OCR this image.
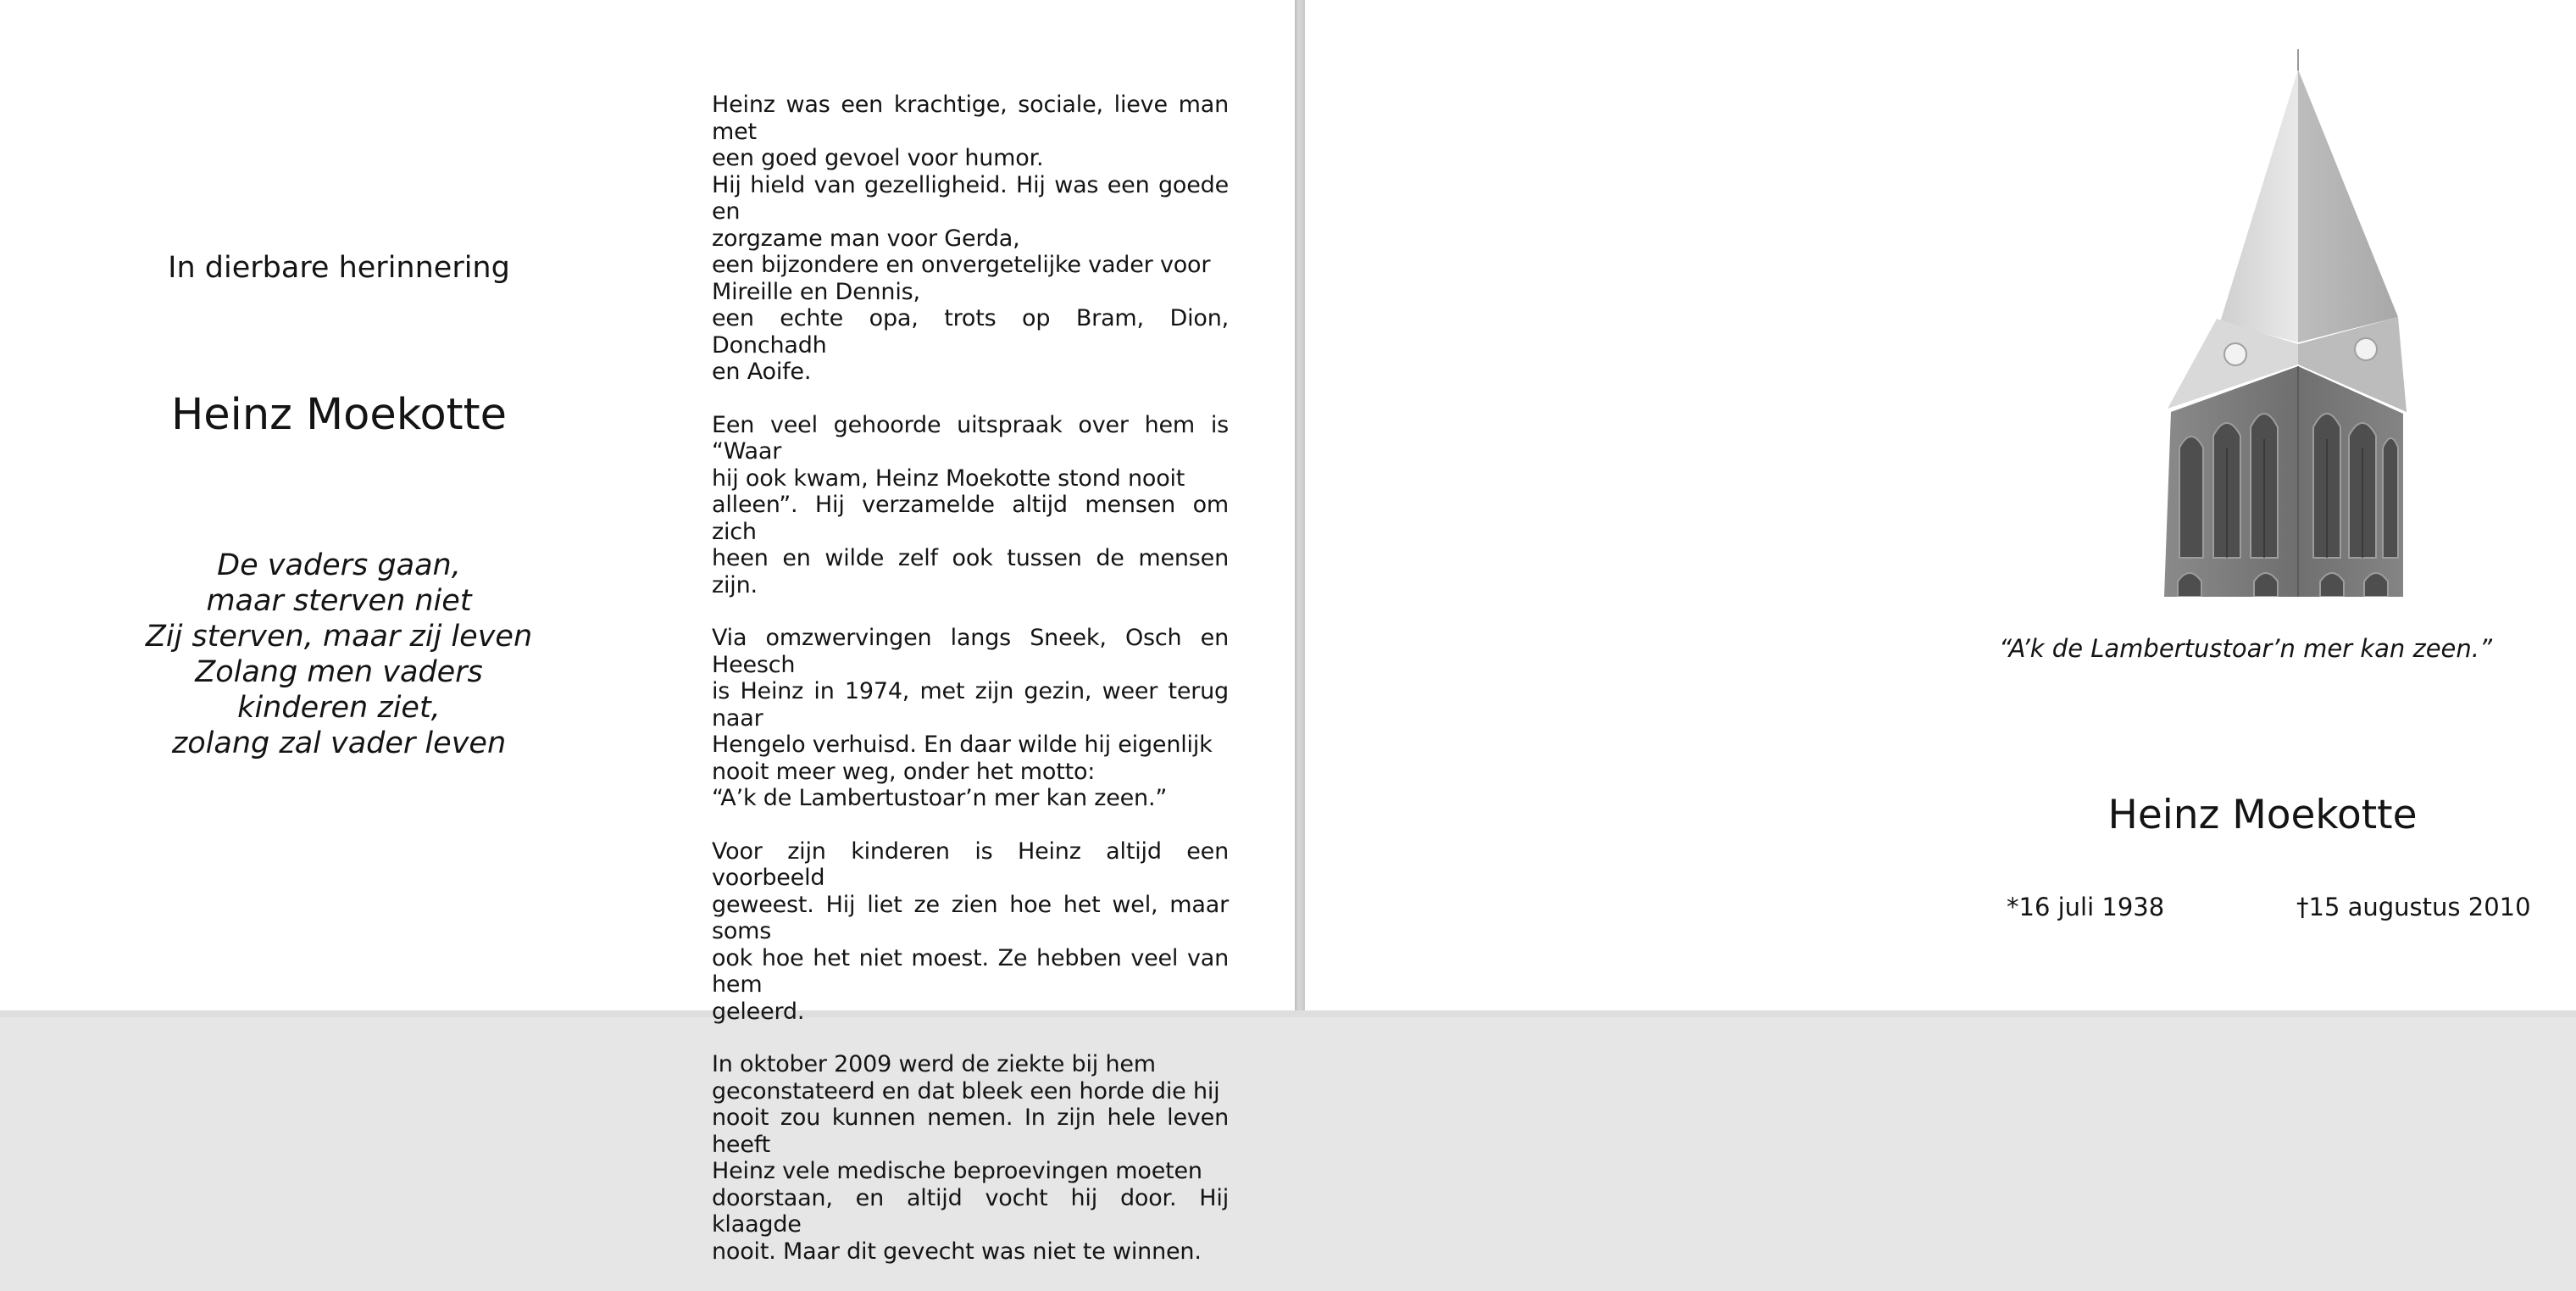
In dierbare herinnering
Heinz Moekotte
De vaders gaan,
maar sterven niet
Zij sterven, maar zij leven
Zolang men vaders
kinderen ziet,
zolang zal vader leven

Heinz was een krachtige, sociale, lieve man met
een goed gevoel voor humor.
Hij hield van gezelligheid. Hij was een goede en
zorgzame man voor Gerda,
een bijzondere en onvergetelijke vader voor
Mireille en Dennis,
een echte opa, trots op Bram, Dion, Donchadh
en Aoife.

Een veel gehoorde uitspraak over hem is “Waar
hij ook kwam, Heinz Moekotte stond nooit
alleen”. Hij verzamelde altijd mensen om zich
heen en wilde zelf ook tussen de mensen zijn.

Via omzwervingen langs Sneek, Osch en Heesch
is Heinz in 1974, met zijn gezin, weer terug naar
Hengelo verhuisd. En daar wilde hij eigenlijk
nooit meer weg, onder het motto:
“A’k de Lambertustoar’n mer kan zeen.”

Voor zijn kinderen is Heinz altijd een voorbeeld
geweest. Hij liet ze zien hoe het wel, maar soms
ook hoe het niet moest. Ze hebben veel van hem
geleerd.

In oktober 2009 werd de ziekte bij hem
geconstateerd en dat bleek een horde die hij
nooit zou kunnen nemen. In zijn hele leven heeft
Heinz vele medische beproevingen moeten
doorstaan, en altijd vocht hij door. Hij klaagde
nooit. Maar dit gevecht was niet te winnen.

“A’k de Lambertustoar’n mer kan zeen.”
Heinz Moekotte
*16 juli 1938	†15 augustus 2010
